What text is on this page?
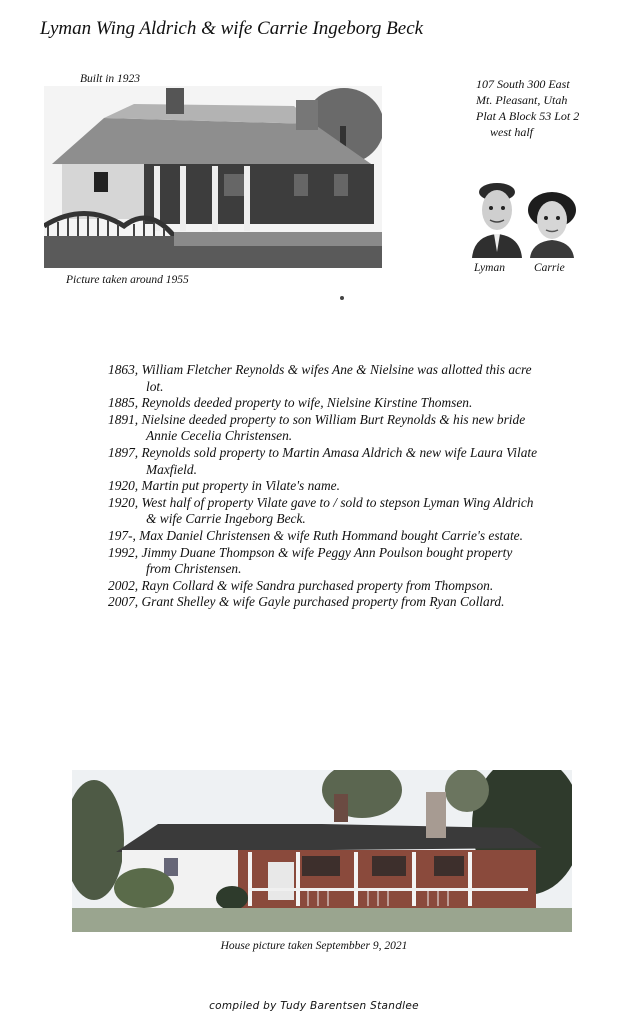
Lyman Wing Aldrich & wife Carrie Ingeborg Beck
Built in 1923
Picture taken around 1955
107 South 300 East
Mt. Pleasant, Utah
Plat A Block 53 Lot 2
west half
Lyman	Carrie

1863, William Fletcher Reynolds & wifes Ane & Nielsine was allotted this acre lot.

1885, Reynolds deeded property to wife, Nielsine Kirstine Thomsen.

1891, Nielsine deeded property to son William Burt Reynolds & his new bride Annie Cecelia Christensen.

1897, Reynolds sold property to Martin Amasa Aldrich & new wife Laura Vilate Maxfield.

1920, Martin put property in Vilate's name.

1920, West half of property Vilate gave to / sold to stepson Lyman Wing Aldrich & wife Carrie Ingeborg Beck.

197-, Max Daniel Christensen & wife Ruth Hommand bought Carrie's estate.

1992, Jimmy Duane Thompson & wife Peggy Ann Poulson bought property from Christensen.

2002, Rayn Collard & wife Sandra purchased property from Thompson.

2007, Grant Shelley & wife Gayle purchased property from Ryan Collard.

House picture taken Septembber 9, 2021
compiled by Tudy Barentsen Standlee
